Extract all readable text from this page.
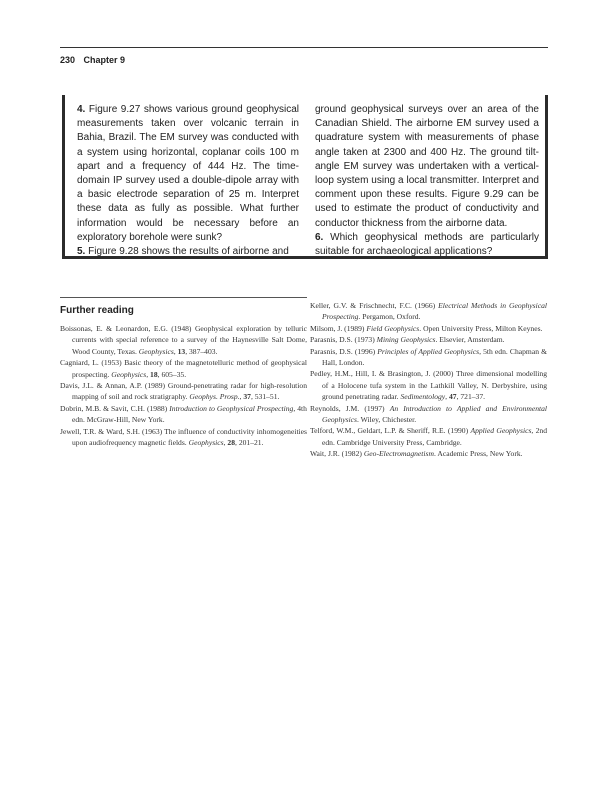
230 Chapter 9

4. Figure 9.27 shows various ground geophysical measurements taken over volcanic terrain in Bahia, Brazil. The EM survey was conducted with a system using horizontal, coplanar coils 100 m apart and a frequency of 444 Hz. The time-domain IP survey used a double-dipole array with a basic electrode separation of 25 m. Interpret these data as fully as possible. What further information would be necessary before an exploratory borehole were sunk?

5. Figure 9.28 shows the results of airborne and

ground geophysical surveys over an area of the Canadian Shield. The airborne EM survey used a quadrature system with measurements of phase angle taken at 2300 and 400 Hz. The ground tilt-angle EM survey was undertaken with a vertical-loop system using a local transmitter. Interpret and comment upon these results. Figure 9.29 can be used to estimate the product of conductivity and conductor thickness from the airborne data.

6. Which geophysical methods are particularly suitable for archaeological applications?

Further reading

Boissonas, E. & Leonardon, E.G. (1948) Geophysical exploration by telluric currents with special reference to a survey of the Haynesville Salt Dome, Wood County, Texas. Geophysics, 13, 387–403.

Cagniard, L. (1953) Basic theory of the magnetotelluric method of geophysical prospecting. Geophysics, 18, 605–35.

Davis, J.L. & Annan, A.P. (1989) Ground-penetrating radar for high-resolution mapping of soil and rock stratigraphy. Geophys. Prosp., 37, 531–51.

Dobrin, M.B. & Savit, C.H. (1988) Introduction to Geophysical Prospecting, 4th edn. McGraw-Hill, New York.

Jewell, T.R. & Ward, S.H. (1963) The influence of conductivity inhomogeneities upon audiofrequency magnetic fields. Geophysics, 28, 201–21.

Keller, G.V. & Frischnecht, F.C. (1966) Electrical Methods in Geophysical Prospecting. Pergamon, Oxford.

Milsom, J. (1989) Field Geophysics. Open University Press, Milton Keynes.

Parasnis, D.S. (1973) Mining Geophysics. Elsevier, Amsterdam.

Parasnis, D.S. (1996) Principles of Applied Geophysics, 5th edn. Chapman & Hall, London.

Pedley, H.M., Hill, I. & Brasington, J. (2000) Three dimensional modelling of a Holocene tufa system in the Lathkill Valley, N. Derbyshire, using ground penetrating radar. Sedimentology, 47, 721–37.

Reynolds, J.M. (1997) An Introduction to Applied and Environmental Geophysics. Wiley, Chichester.

Telford, W.M., Geldart, L.P. & Sheriff, R.E. (1990) Applied Geophysics, 2nd edn. Cambridge University Press, Cambridge.

Wait, J.R. (1982) Geo-Electromagnetism. Academic Press, New York.
